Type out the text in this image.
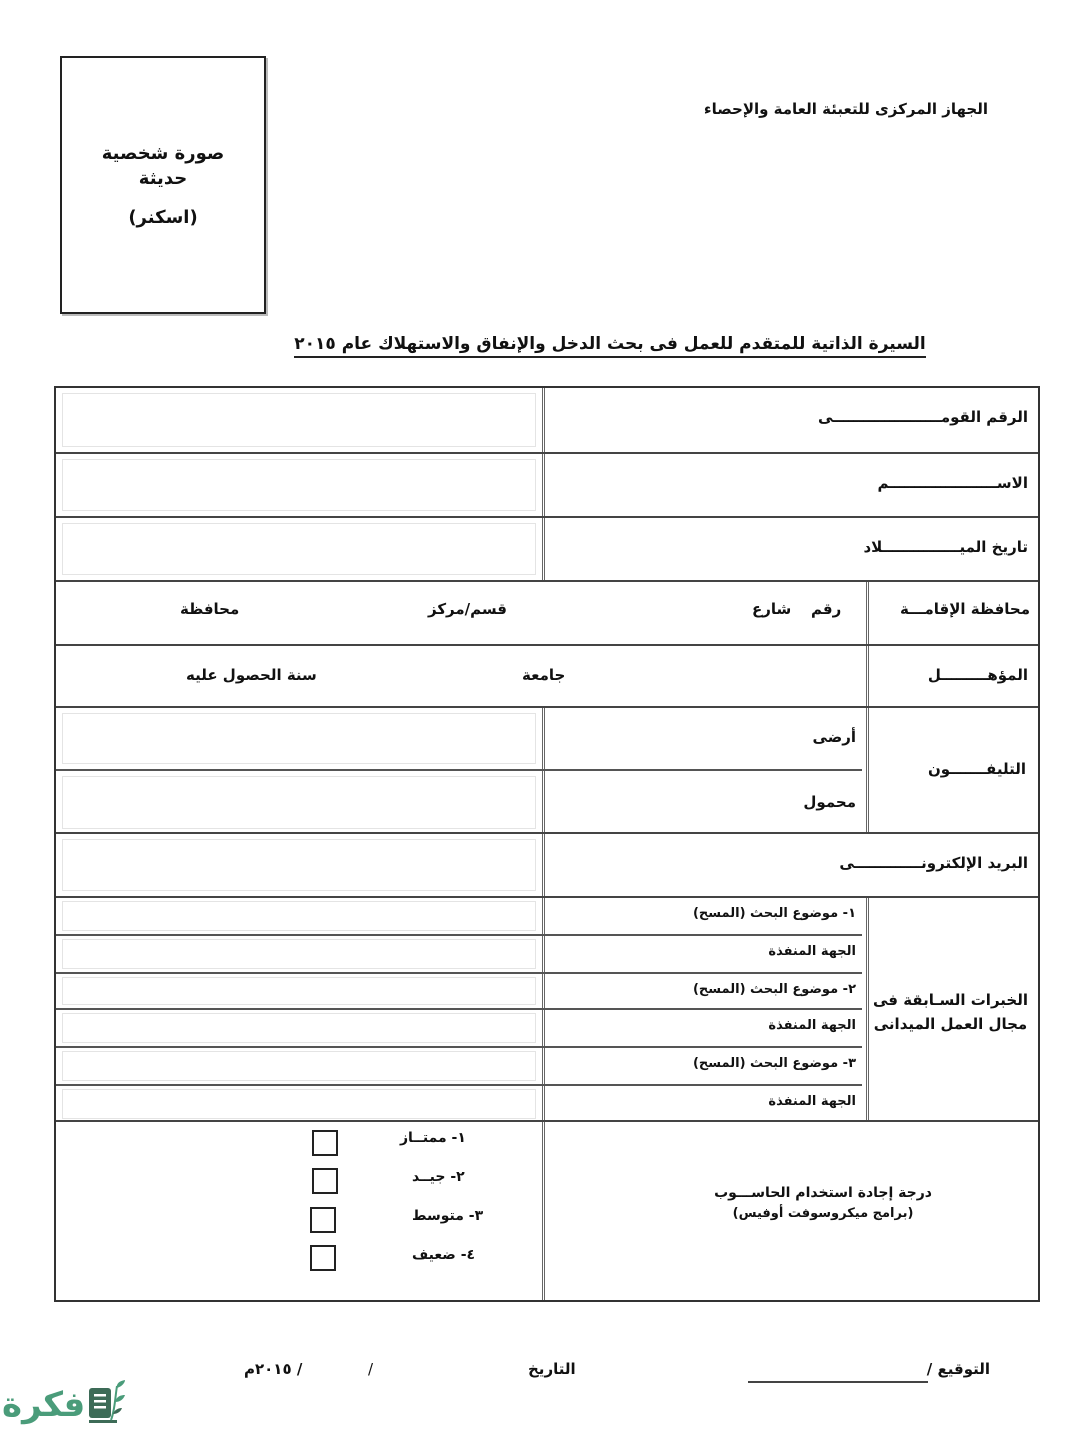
صورة شخصية
حديثة
(اسكنر)
الجهاز المركزى للتعبئة العامة والإحصاء
السيرة الذاتية للمتقدم للعمل فى بحث الدخل والإنفاق والاستهلاك عام ٢٠١٥
الرقم القومـــــــــــــــــــــى
الاســـــــــــــــــــــم
تاريخ الميـــــــــــــــلاد
محافظة الإقامـــة
رقم
شارع
قسم/مركز
محافظة
المؤهـــــــــل
جامعة
سنة الحصول عليه
التليفـــــــون
أرضى
محمول
البريد الإلكترونـــــــــــــى
الخبرات السـابقة فى
مجال العمل الميدانى
١- موضوع البحث (المسح)
الجهة المنفذة
٢- موضوع البحث (المسح)
الجهة المنفذة
٣- موضوع البحث (المسح)
الجهة المنفذة
درجة إجادة استخدام الحاســـوب
(برامج ميكروسوفت أوفيس)
١- ممتــاز
٢- جيــد
٣- متوسط
٤- ضعيف
التوقيع /
التاريخ
/
/ ٢٠١٥م
فكرة
